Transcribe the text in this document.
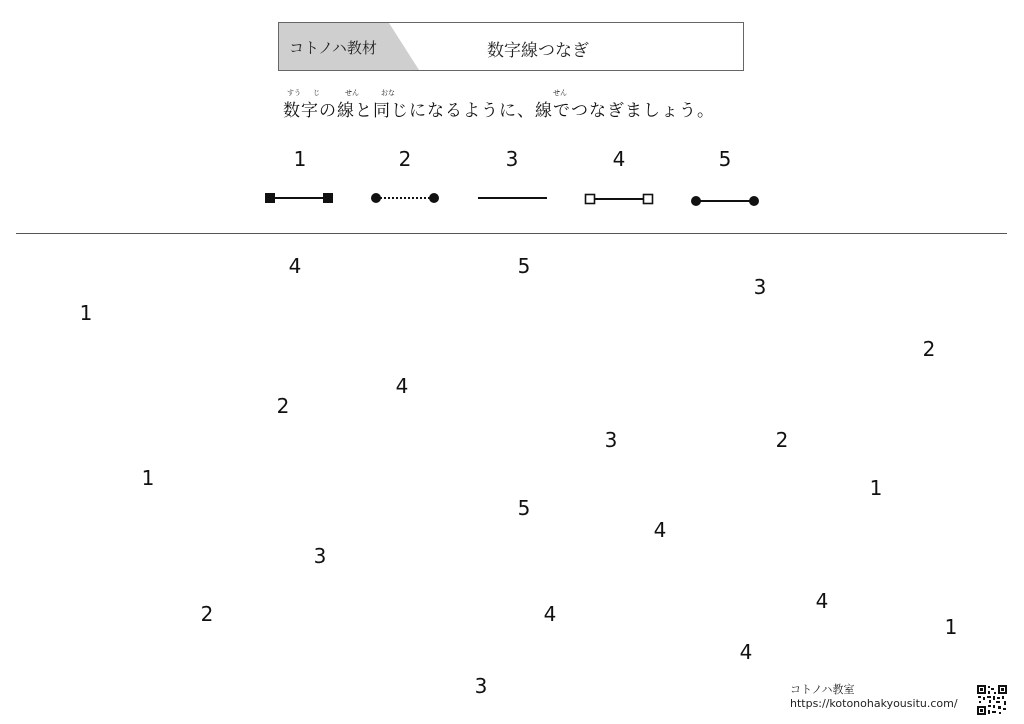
コトノハ教材	数字線つなぎ
すう じ	せん	おな	せん
数字の線と同じになるように、線でつなぎましょう。
1	2	3	4	5
4	5
3
1
2
4
2
3	2
1	1
5
4
3
2	4
4
1
4
3	コトノハ教室
https://kotonohakyousitu.com/
